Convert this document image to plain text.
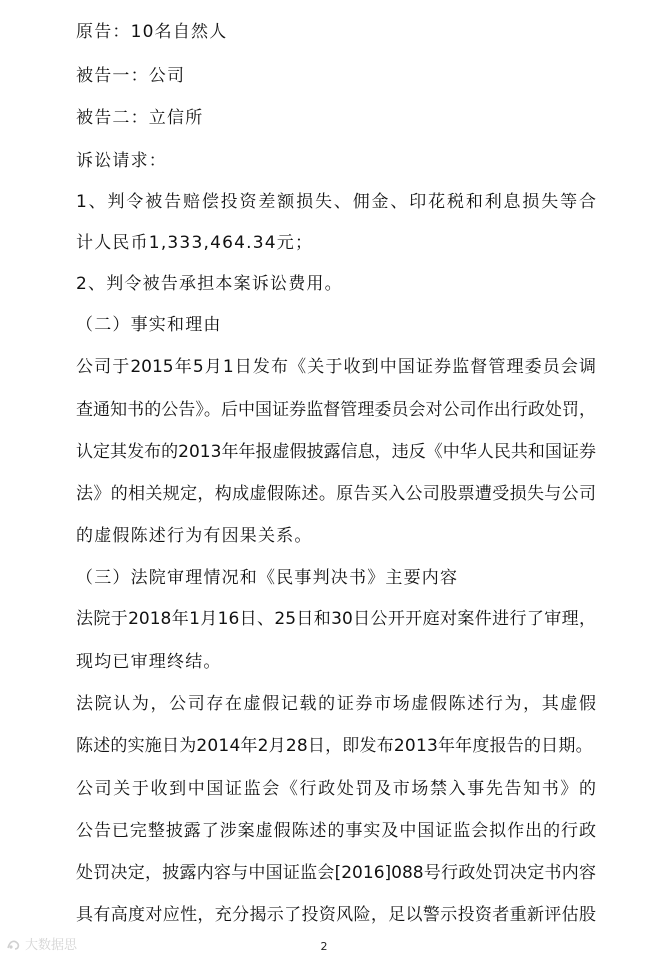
原告：10名自然人
被告一：公司
被告二：立信所
诉讼请求：
1、判令被告赔偿投资差额损失、佣金、印花税和利息损失等合
计人民币1,333,464.34元；
2、判令被告承担本案诉讼费用。
（二）事实和理由
公司于2015年5月1日发布《关于收到中国证券监督管理委员会调
查通知书的公告》。后中国证券监督管理委员会对公司作出行政处罚，
认定其发布的2013年年报虚假披露信息，违反《中华人民共和国证券
法》的相关规定，构成虚假陈述。原告买入公司股票遭受损失与公司
的虚假陈述行为有因果关系。
（三）法院审理情况和《民事判决书》主要内容
法院于2018年1月16日、25日和30日公开开庭对案件进行了审理，
现均已审理终结。
法院认为，公司存在虚假记载的证券市场虚假陈述行为，其虚假
陈述的实施日为2014年2月28日，即发布2013年年度报告的日期。
公司关于收到中国证监会《行政处罚及市场禁入事先告知书》的
公告已完整披露了涉案虚假陈述的事实及中国证监会拟作出的行政
处罚决定，披露内容与中国证监会[2016]088号行政处罚决定书内容
具有高度对应性，充分揭示了投资风险，足以警示投资者重新评估股
大数据思	2
